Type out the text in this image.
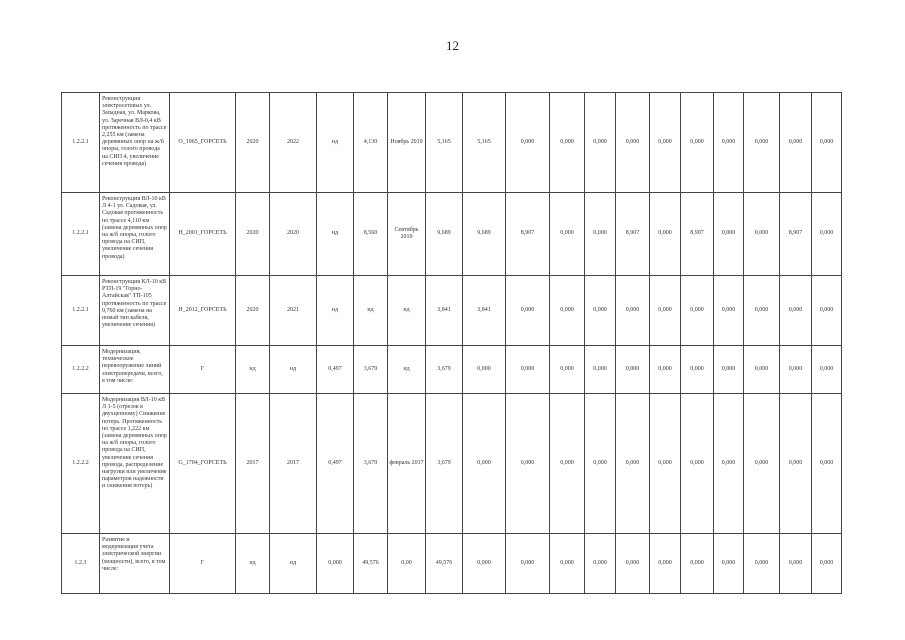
12
1.2.2.1	Реконструкция электросетевых ул. Западная, ул. Маркова, ул. Заречная ВЛ-0,4 кВ протяженность по трассе 2,255 км (замена деревянных опор на ж/б опоры, голого провода на СИП 4, увеличение сечения провода)	О_1965_ГОРСЕТЬ	2020	2022	нд	4,130	Ноябрь 2019	5,165	5,165	0,000	0,000	0,000	0,000	0,000	0,000	0,000	0,000	0,000	0,000
1.2.2.1	Реконструкция ВЛ-10 кВ Л 4-1 ул. Садовая, ул. Садовая протяженность по трассе 4,110 км (замена деревянных опор на ж/б опоры, голого провода на СИП, увеличение сечения провода)	Н_2001_ГОРСЕТЬ	2020	2020	нд	8,560	Сентябрь 2019	9,689	9,689	8,907	0,000	0,000	8,907	0,000	8,907	0,000	0,000	8,907	0,000
1.2.2.1	Реконструкция КЛ-10 кВ РТП-19 "Горно-Алтайская" ТП-105 протяженность по трассе 0,760 км (замена на новый тип кабеля, увеличение сечения)	Н_2012_ГОРСЕТЬ	2020	2021	нд	нд	нд	3,841	3,841	0,000	0,000	0,000	0,000	0,000	0,000	0,000	0,000	0,000	0,000
1.2.2.2	Модернизация, техническое перевооружение линий электропередачи, всего, в том числе:	Г	нд	нд	0,497	3,679	нд	3,679	0,000	0,000	0,000	0,000	0,000	0,000	0,000	0,000	0,000	0,000	0,000
1.2.2.2	Модернизация ВЛ-10 кВ Л 1-5 (отрезок к двухцепному) Снижение потерь. Протяженность по трассе 1,222 км (замена деревянных опор на ж/б опоры, голого провода на СИП, увеличение сечения провода, распределение нагрузки или увеличение параметров надежности и снижения потерь)	G_1704_ГОРСЕТЬ	2017	2017	0,497	3,679	февраль 2017	3,679	0,000	0,000	0,000	0,000	0,000	0,000	0,000	0,000	0,000	0,000	0,000
1.2.3	Развитие и модернизация учета электрической энергии (мощности), всего, в том числе:	Г	нд	нд	0,000	49,576	0,00	49,576	0,000	0,000	0,000	0,000	0,000	0,000	0,000	0,000	0,000	0,000	0,000
